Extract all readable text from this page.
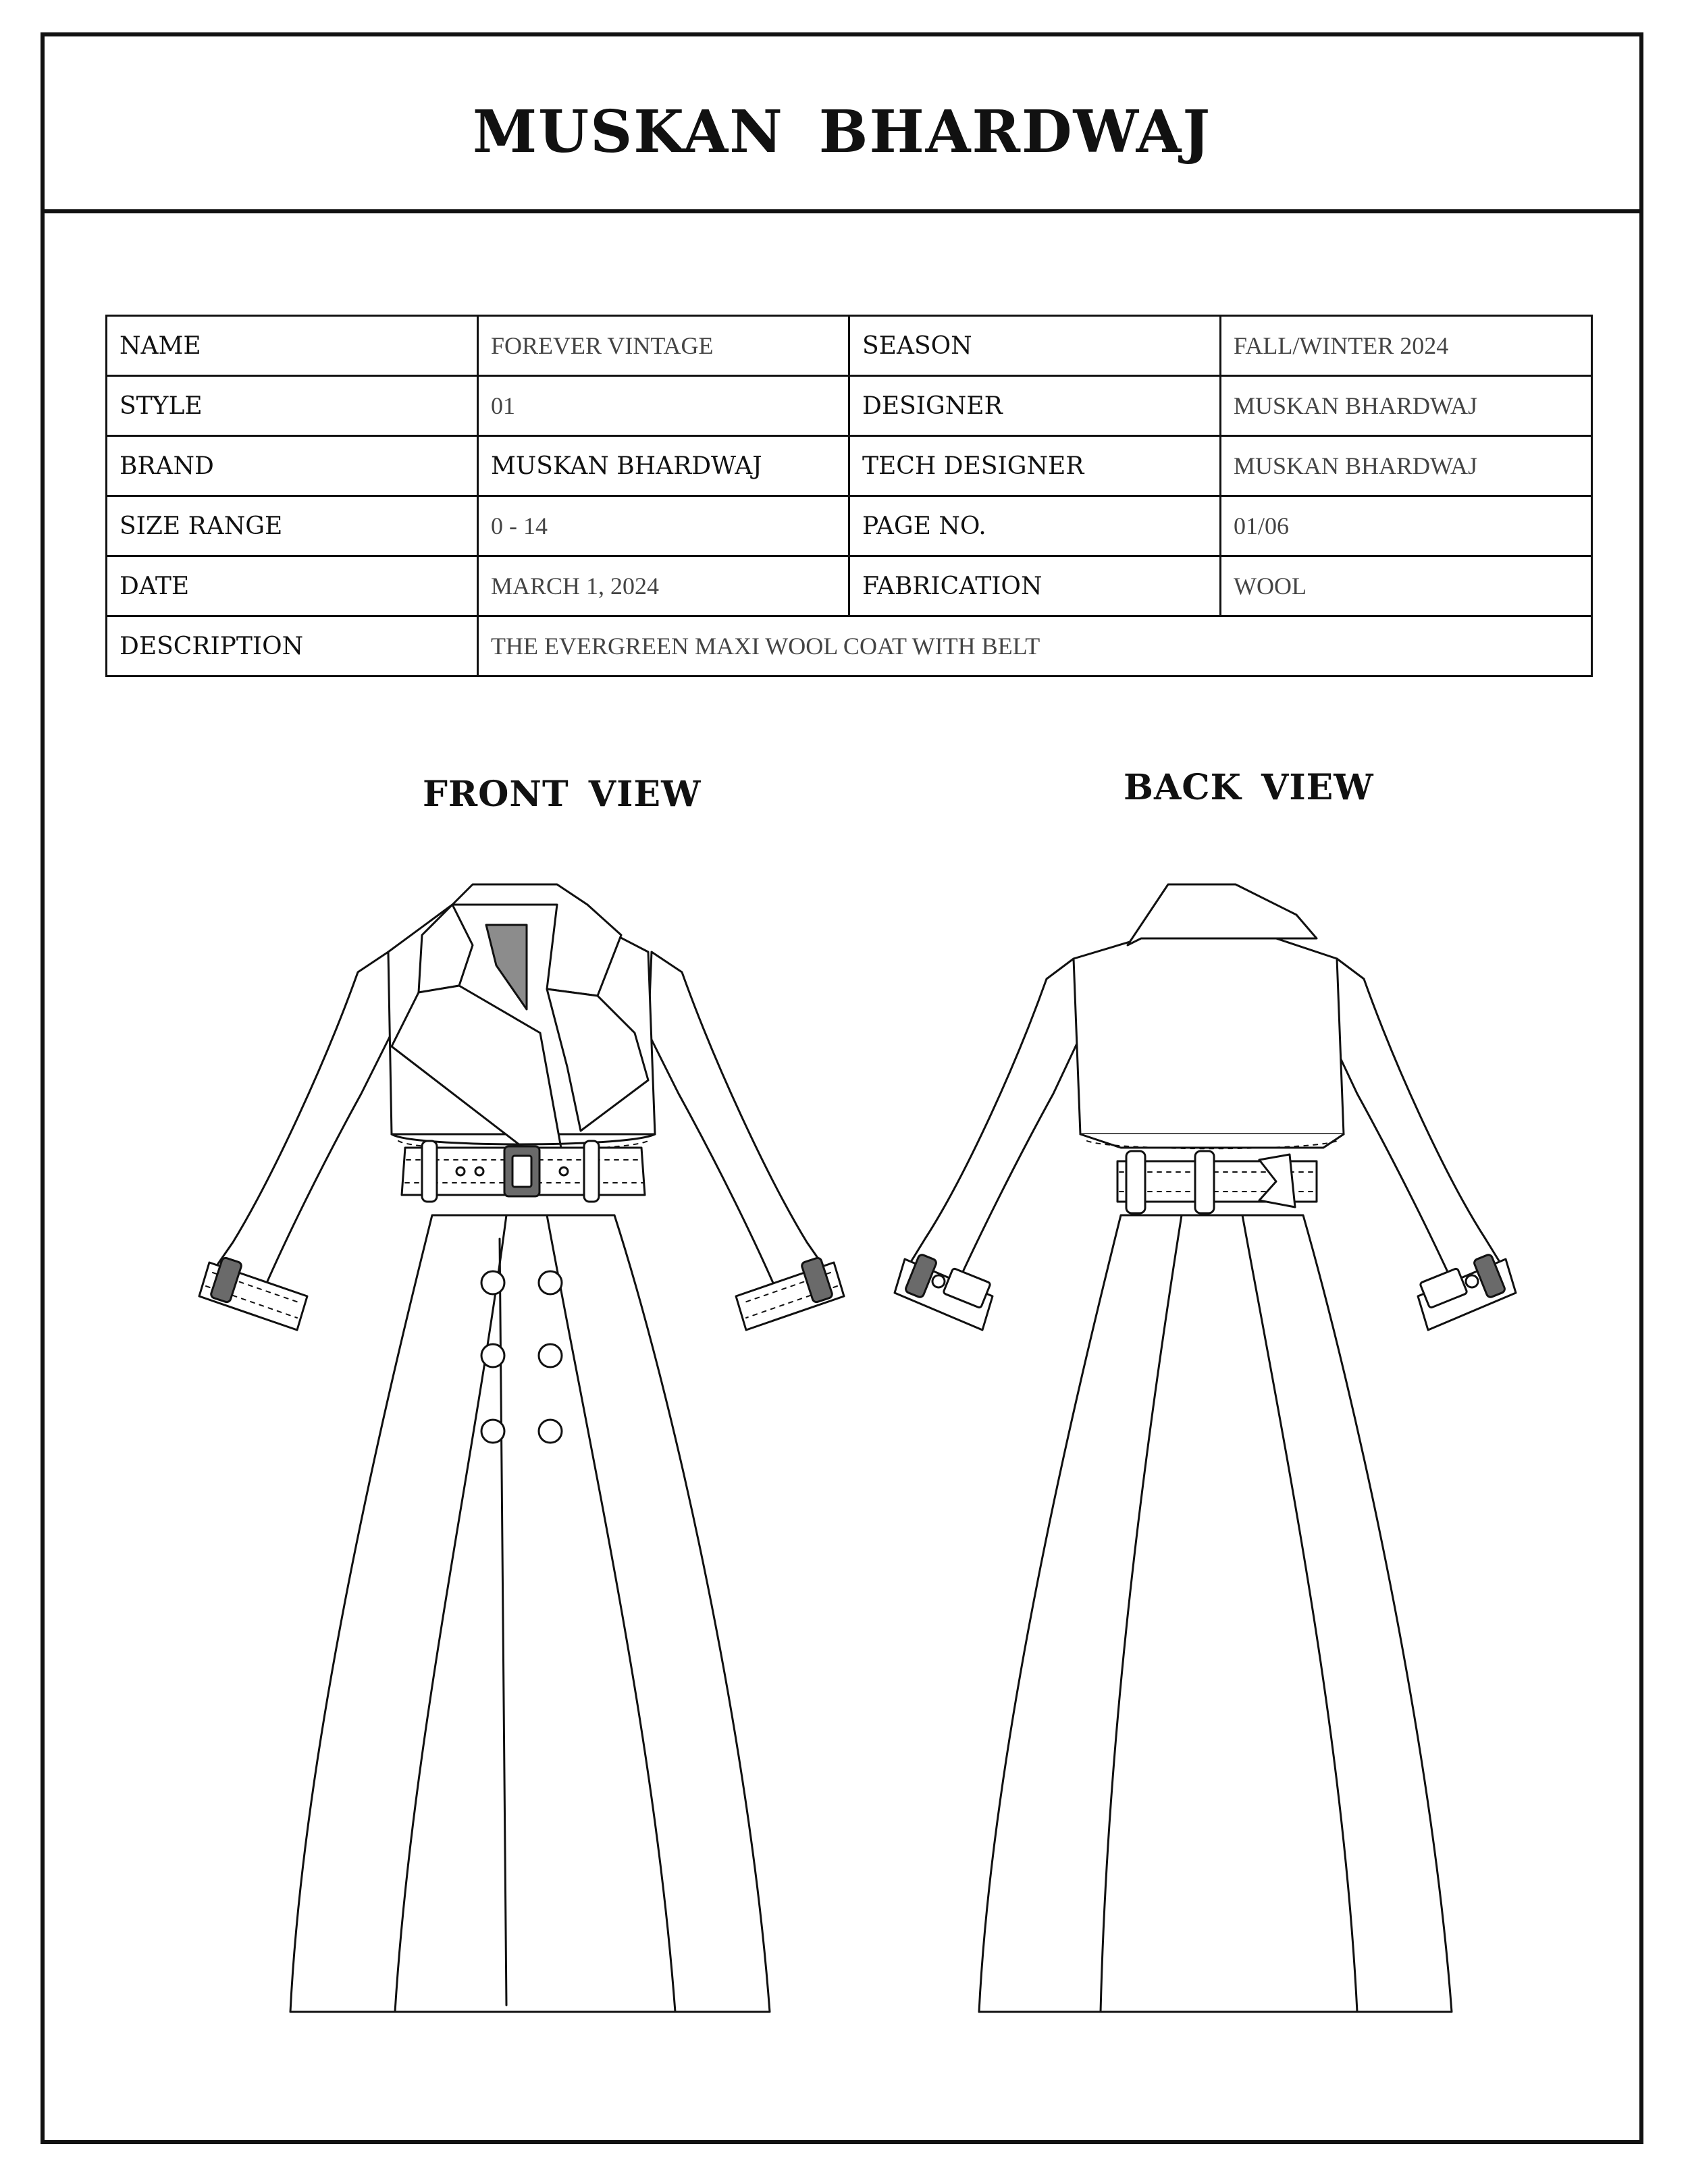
MUSKAN BHARDWAJ
NAME	FOREVER VINTAGE	SEASON	FALL/WINTER 2024
STYLE	01	DESIGNER	MUSKAN BHARDWAJ
BRAND	MUSKAN BHARDWAJ	TECH DESIGNER	MUSKAN BHARDWAJ
SIZE RANGE	0 - 14	PAGE NO.	01/06
DATE	MARCH 1, 2024	FABRICATION	WOOL
DESCRIPTION	THE EVERGREEN MAXI WOOL COAT WITH BELT		
FRONT VIEW	BACK VIEW
